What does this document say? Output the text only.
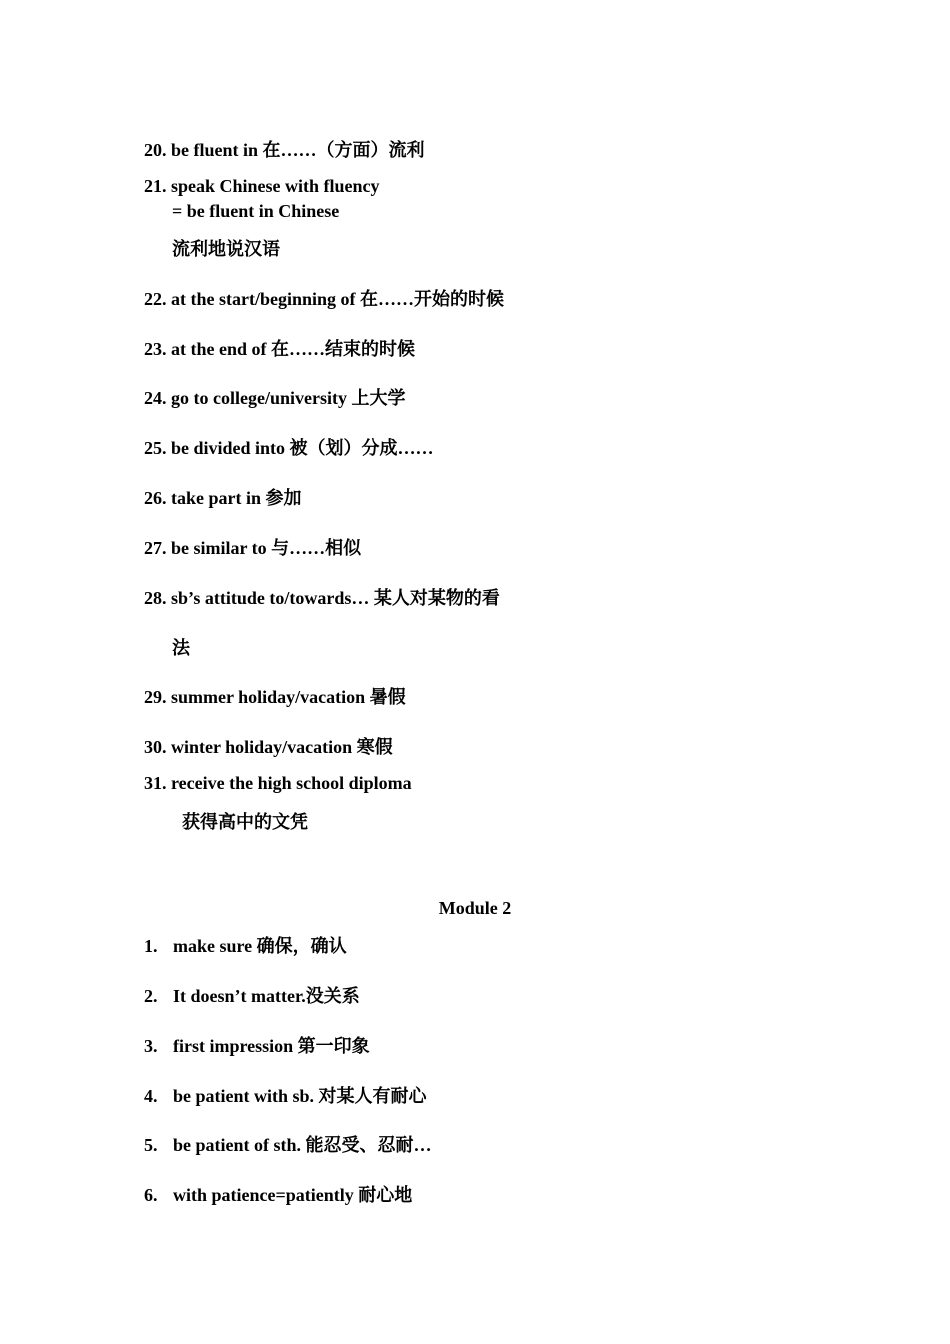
20. be fluent in 在……（方面）流利
21. speak Chinese with fluency
= be fluent in Chinese
流利地说汉语
22. at the start/beginning of 在……开始的时候
23. at the end of 在……结束的时候
24. go to college/university 上大学
25. be divided into 被（划）分成……
26. take part in 参加
27. be similar to 与……相似
28. sb’s attitude to/towards… 某人对某物的看
法
29. summer holiday/vacation 暑假
30. winter holiday/vacation 寒假
31. receive the high school diploma
获得高中的文凭
Module 2
1. make sure 确保，确认
2. It doesn’t matter.没关系
3. first impression 第一印象
4. be patient with sb. 对某人有耐心
5. be patient of sth. 能忍受、忍耐…
6. with patience=patiently 耐心地
